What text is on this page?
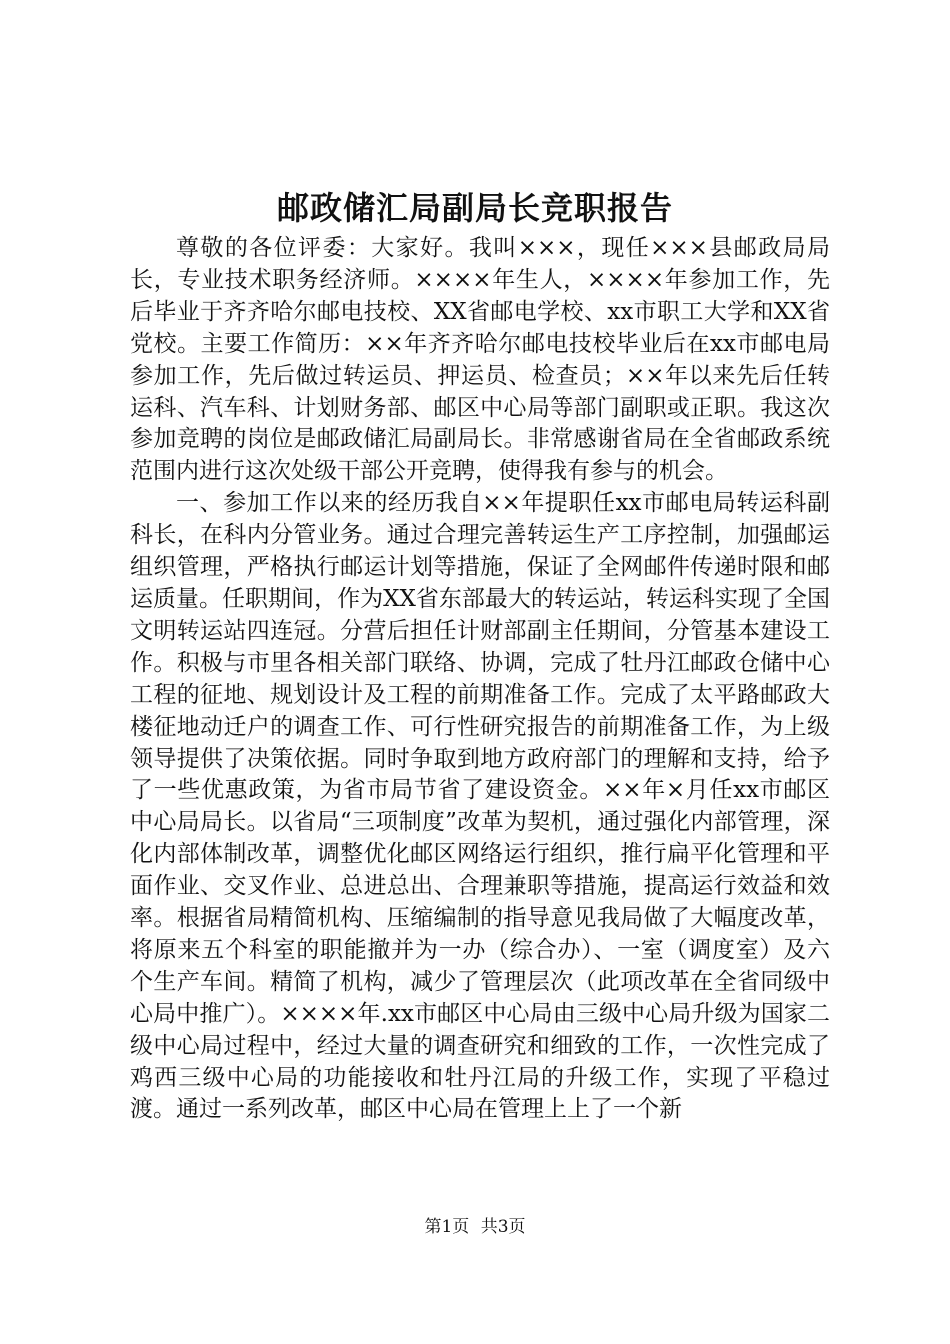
邮政储汇局副局长竞职报告

尊敬的各位评委：大家好。我叫×××，现任×××县邮政局局长，专业技术职务经济师。××××年生人，××××年参加工作，先后毕业于齐齐哈尔邮电技校、XX省邮电学校、xx市职工大学和XX省党校。主要工作简历：××年齐齐哈尔邮电技校毕业后在xx市邮电局参加工作，先后做过转运员、押运员、检查员；××年以来先后任转运科、汽车科、计划财务部、邮区中心局等部门副职或正职。我这次参加竞聘的岗位是邮政储汇局副局长。非常感谢省局在全省邮政系统范围内进行这次处级干部公开竞聘，使得我有参与的机会。

一、参加工作以来的经历我自××年提职任xx市邮电局转运科副科长，在科内分管业务。通过合理完善转运生产工序控制，加强邮运组织管理，严格执行邮运计划等措施，保证了全网邮件传递时限和邮运质量。任职期间，作为XX省东部最大的转运站，转运科实现了全国文明转运站四连冠。分营后担任计财部副主任期间，分管基本建设工作。积极与市里各相关部门联络、协调，完成了牡丹江邮政仓储中心工程的征地、规划设计及工程的前期准备工作。完成了太平路邮政大楼征地动迁户的调查工作、可行性研究报告的前期准备工作，为上级领导提供了决策依据。同时争取到地方政府部门的理解和支持，给予了一些优惠政策，为省市局节省了建设资金。××年×月任xx市邮区中心局局长。以省局“三项制度”改革为契机，通过强化内部管理，深化内部体制改革，调整优化邮区网络运行组织，推行扁平化管理和平面作业、交叉作业、总进总出、合理兼职等措施，提高运行效益和效率。根据省局精简机构、压缩编制的指导意见我局做了大幅度改革，将原来五个科室的职能撤并为一办（综合办）、一室（调度室）及六个生产车间。精简了机构，减少了管理层次（此项改革在全省同级中心局中推广）。××××年.xx市邮区中心局由三级中心局升级为国家二级中心局过程中，经过大量的调查研究和细致的工作，一次性完成了鸡西三级中心局的功能接收和牡丹江局的升级工作，实现了平稳过渡。通过一系列改革，邮区中心局在管理上上了一个新

第1页 共3页
